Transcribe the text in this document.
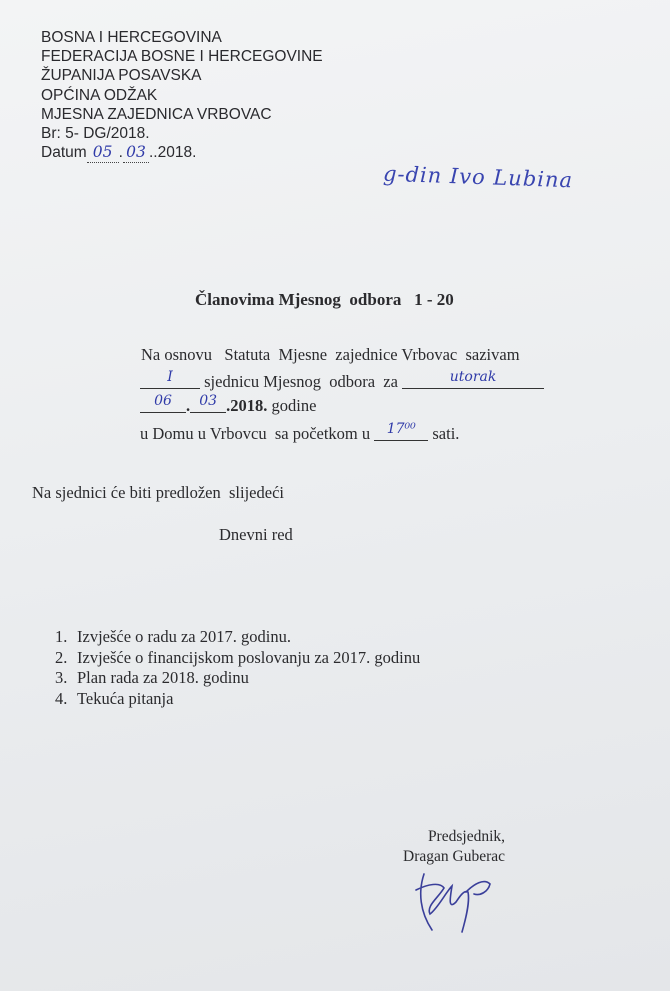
BOSNA I HERCEGOVINA
FEDERACIJA BOSNE I HERCEGOVINE
ŽUPANIJA POSAVSKA
OPĆINA ODŽAK
MJESNA ZAJEDNICA VRBOVAC
Br: 5- DG/2018.
Datum 05 . 03 ..2018.
g-din Ivo Lubina
Članovima Mjesnog  odbora   1 - 20
Na osnovu   Statuta  Mjesne  zajednice Vrbovac  sazivam
$^I$ sjednicu Mjesnog  odbora  za	$^{utorak}$
$^{06}$ . $^{03}$ .2018. godine
u Domu u Vrbovcu  sa početkom u $^{17^{00}}$ sati.
Na sjednici će biti predložen  slijedeći
Dnevni red
1. Izvješće o radu za 2017. godinu.
2. Izvješće o financijskom poslovanju za 2017. godinu
3. Plan rada za 2018. godinu
4. Tekuća pitanja
Predsjednik,
Dragan Guberac
